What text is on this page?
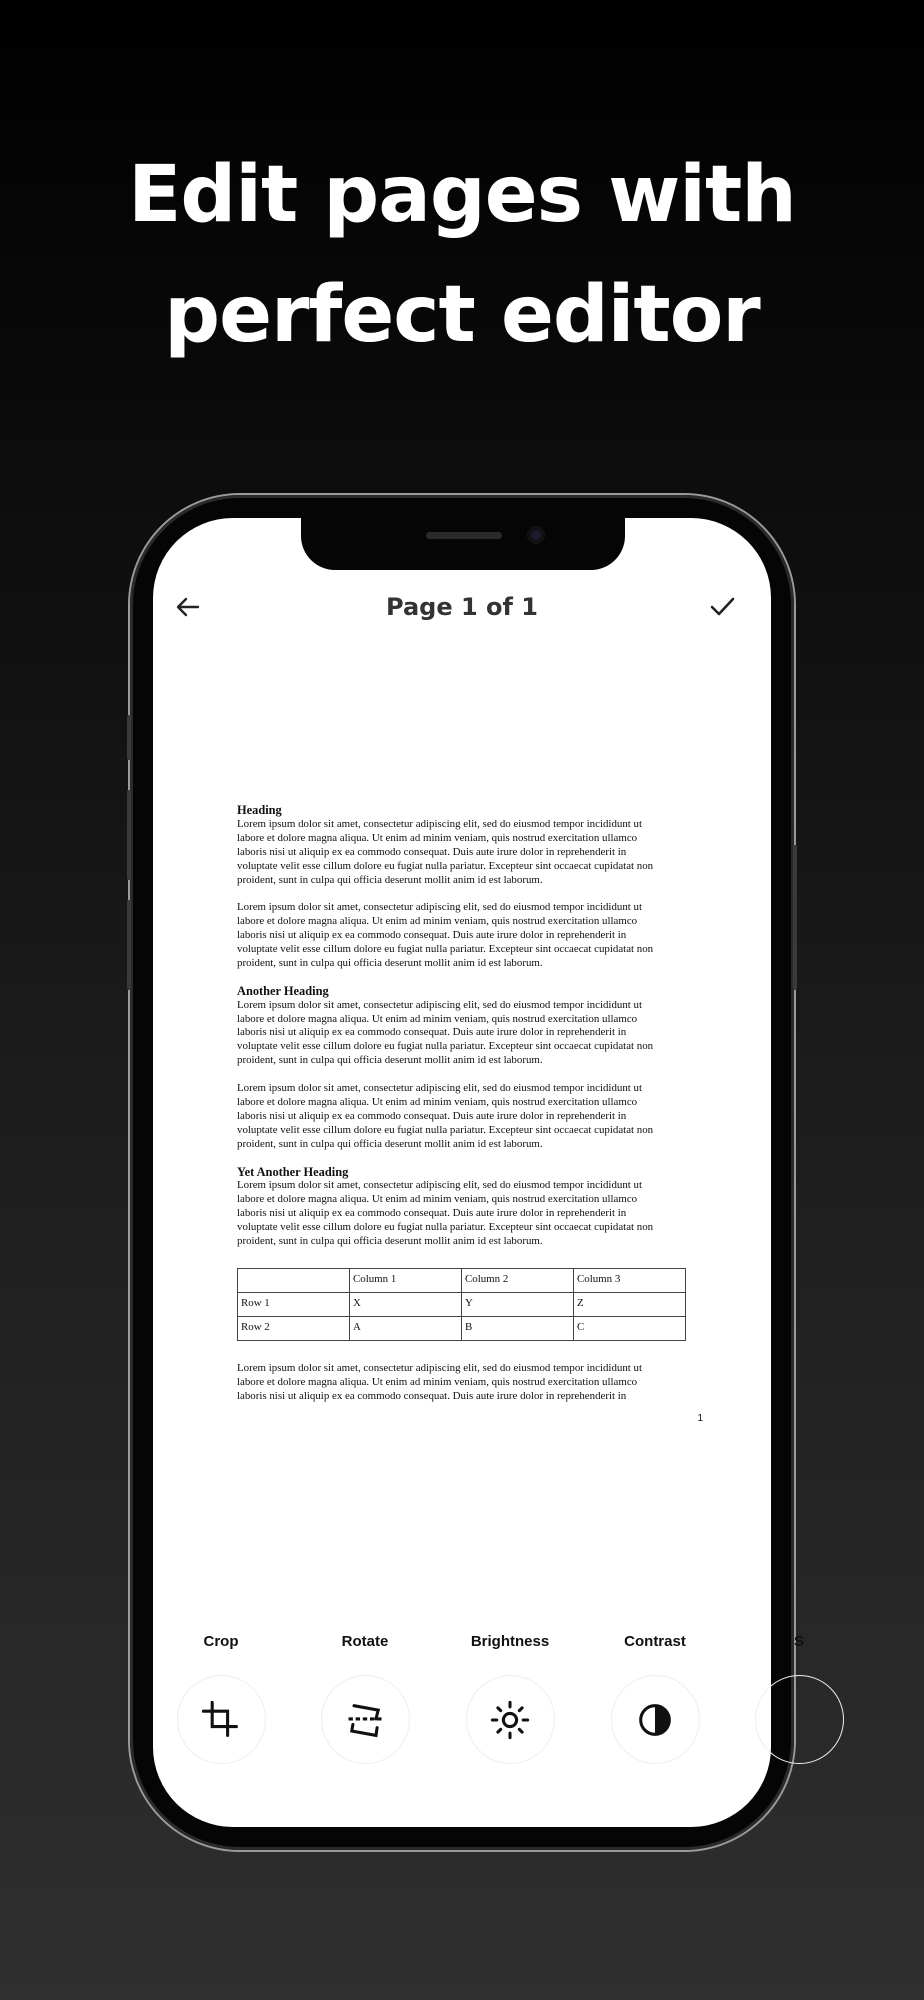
Edit pages with
perfect editor
Page 1 of 1
Heading
Lorem ipsum dolor sit amet, consectetur adipiscing elit, sed do eiusmod tempor incididunt ut
labore et dolore magna aliqua. Ut enim ad minim veniam, quis nostrud exercitation ullamco
laboris nisi ut aliquip ex ea commodo consequat. Duis aute irure dolor in reprehenderit in
voluptate velit esse cillum dolore eu fugiat nulla pariatur. Excepteur sint occaecat cupidatat non
proident, sunt in culpa qui officia deserunt mollit anim id est laborum.
Lorem ipsum dolor sit amet, consectetur adipiscing elit, sed do eiusmod tempor incididunt ut
labore et dolore magna aliqua. Ut enim ad minim veniam, quis nostrud exercitation ullamco
laboris nisi ut aliquip ex ea commodo consequat. Duis aute irure dolor in reprehenderit in
voluptate velit esse cillum dolore eu fugiat nulla pariatur. Excepteur sint occaecat cupidatat non
proident, sunt in culpa qui officia deserunt mollit anim id est laborum.
Another Heading
Lorem ipsum dolor sit amet, consectetur adipiscing elit, sed do eiusmod tempor incididunt ut
labore et dolore magna aliqua. Ut enim ad minim veniam, quis nostrud exercitation ullamco
laboris nisi ut aliquip ex ea commodo consequat. Duis aute irure dolor in reprehenderit in
voluptate velit esse cillum dolore eu fugiat nulla pariatur. Excepteur sint occaecat cupidatat non
proident, sunt in culpa qui officia deserunt mollit anim id est laborum.
Lorem ipsum dolor sit amet, consectetur adipiscing elit, sed do eiusmod tempor incididunt ut
labore et dolore magna aliqua. Ut enim ad minim veniam, quis nostrud exercitation ullamco
laboris nisi ut aliquip ex ea commodo consequat. Duis aute irure dolor in reprehenderit in
voluptate velit esse cillum dolore eu fugiat nulla pariatur. Excepteur sint occaecat cupidatat non
proident, sunt in culpa qui officia deserunt mollit anim id est laborum.
Yet Another Heading
Lorem ipsum dolor sit amet, consectetur adipiscing elit, sed do eiusmod tempor incididunt ut
labore et dolore magna aliqua. Ut enim ad minim veniam, quis nostrud exercitation ullamco
laboris nisi ut aliquip ex ea commodo consequat. Duis aute irure dolor in reprehenderit in
voluptate velit esse cillum dolore eu fugiat nulla pariatur. Excepteur sint occaecat cupidatat non
proident, sunt in culpa qui officia deserunt mollit anim id est laborum.
	Column 1	Column 2	Column 3
Row 1	X	Y	Z
Row 2	A	B	C
Lorem ipsum dolor sit amet, consectetur adipiscing elit, sed do eiusmod tempor incididunt ut
labore et dolore magna aliqua. Ut enim ad minim veniam, quis nostrud exercitation ullamco
laboris nisi ut aliquip ex ea commodo consequat. Duis aute irure dolor in reprehenderit in
1
Crop	Rotate	Brightness	Contrast	S
